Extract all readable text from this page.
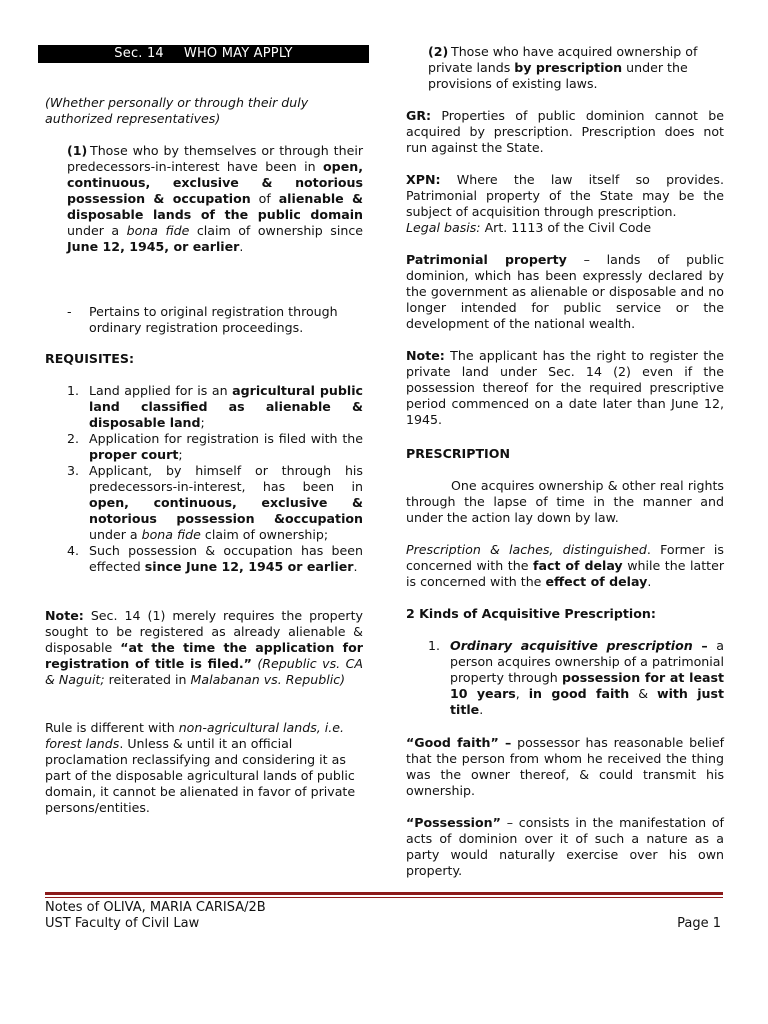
Sec. 14 WHO MAY APPLY

(Whether personally or through their duly authorized representatives)

(1) Those who by themselves or through their predecessors-in-interest have been in open, continuous, exclusive & notorious possession & occupation of alienable & disposable lands of the public domain under a bona fide claim of ownership since June 12, 1945, or earlier.

-	Pertains to original registration through ordinary registration proceedings.

REQUISITES:
1. Land applied for is an agricultural public land classified as alienable & disposable land;
2. Application for registration is filed with the proper court;
3. Applicant, by himself or through his predecessors-in-interest, has been in open, continuous, exclusive & notorious possession &occupation under a bona fide claim of ownership;
4. Such possession & occupation has been effected since June 12, 1945 or earlier.

Note: Sec. 14 (1) merely requires the property sought to be registered as already alienable & disposable “at the time the application for registration of title is filed.” (Republic vs. CA & Naguit; reiterated in Malabanan vs. Republic)

Rule is different with non-agricultural lands, i.e. forest lands. Unless & until it an official proclamation reclassifying and considering it as part of the disposable agricultural lands of public domain, it cannot be alienated in favor of private persons/entities.

(2) Those who have acquired ownership of private lands by prescription under the provisions of existing laws.

GR: Properties of public dominion cannot be acquired by prescription. Prescription does not run against the State.

XPN: Where the law itself so provides. Patrimonial property of the State may be the subject of acquisition through prescription.
Legal basis: Art. 1113 of the Civil Code

Patrimonial property – lands of public dominion, which has been expressly declared by the government as alienable or disposable and no longer intended for public service or the development of the national wealth.

Note: The applicant has the right to register the private land under Sec. 14 (2) even if the possession thereof for the required prescriptive period commenced on a date later than June 12, 1945.

PRESCRIPTION

One acquires ownership & other real rights through the lapse of time in the manner and under the action lay down by law.

Prescription & laches, distinguished. Former is concerned with the fact of delay while the latter is concerned with the effect of delay.

2 Kinds of Acquisitive Prescription:
1. Ordinary acquisitive prescription – a person acquires ownership of a patrimonial property through possession for at least 10 years, in good faith & with just title.

“Good faith” – possessor has reasonable belief that the person from whom he received the thing was the owner thereof, & could transmit his ownership.

“Possession” – consists in the manifestation of acts of dominion over it of such a nature as a party would naturally exercise over his own property.

Notes of OLIVA, MARIA CARISA/2B
UST Faculty of Civil Law	Page 1
